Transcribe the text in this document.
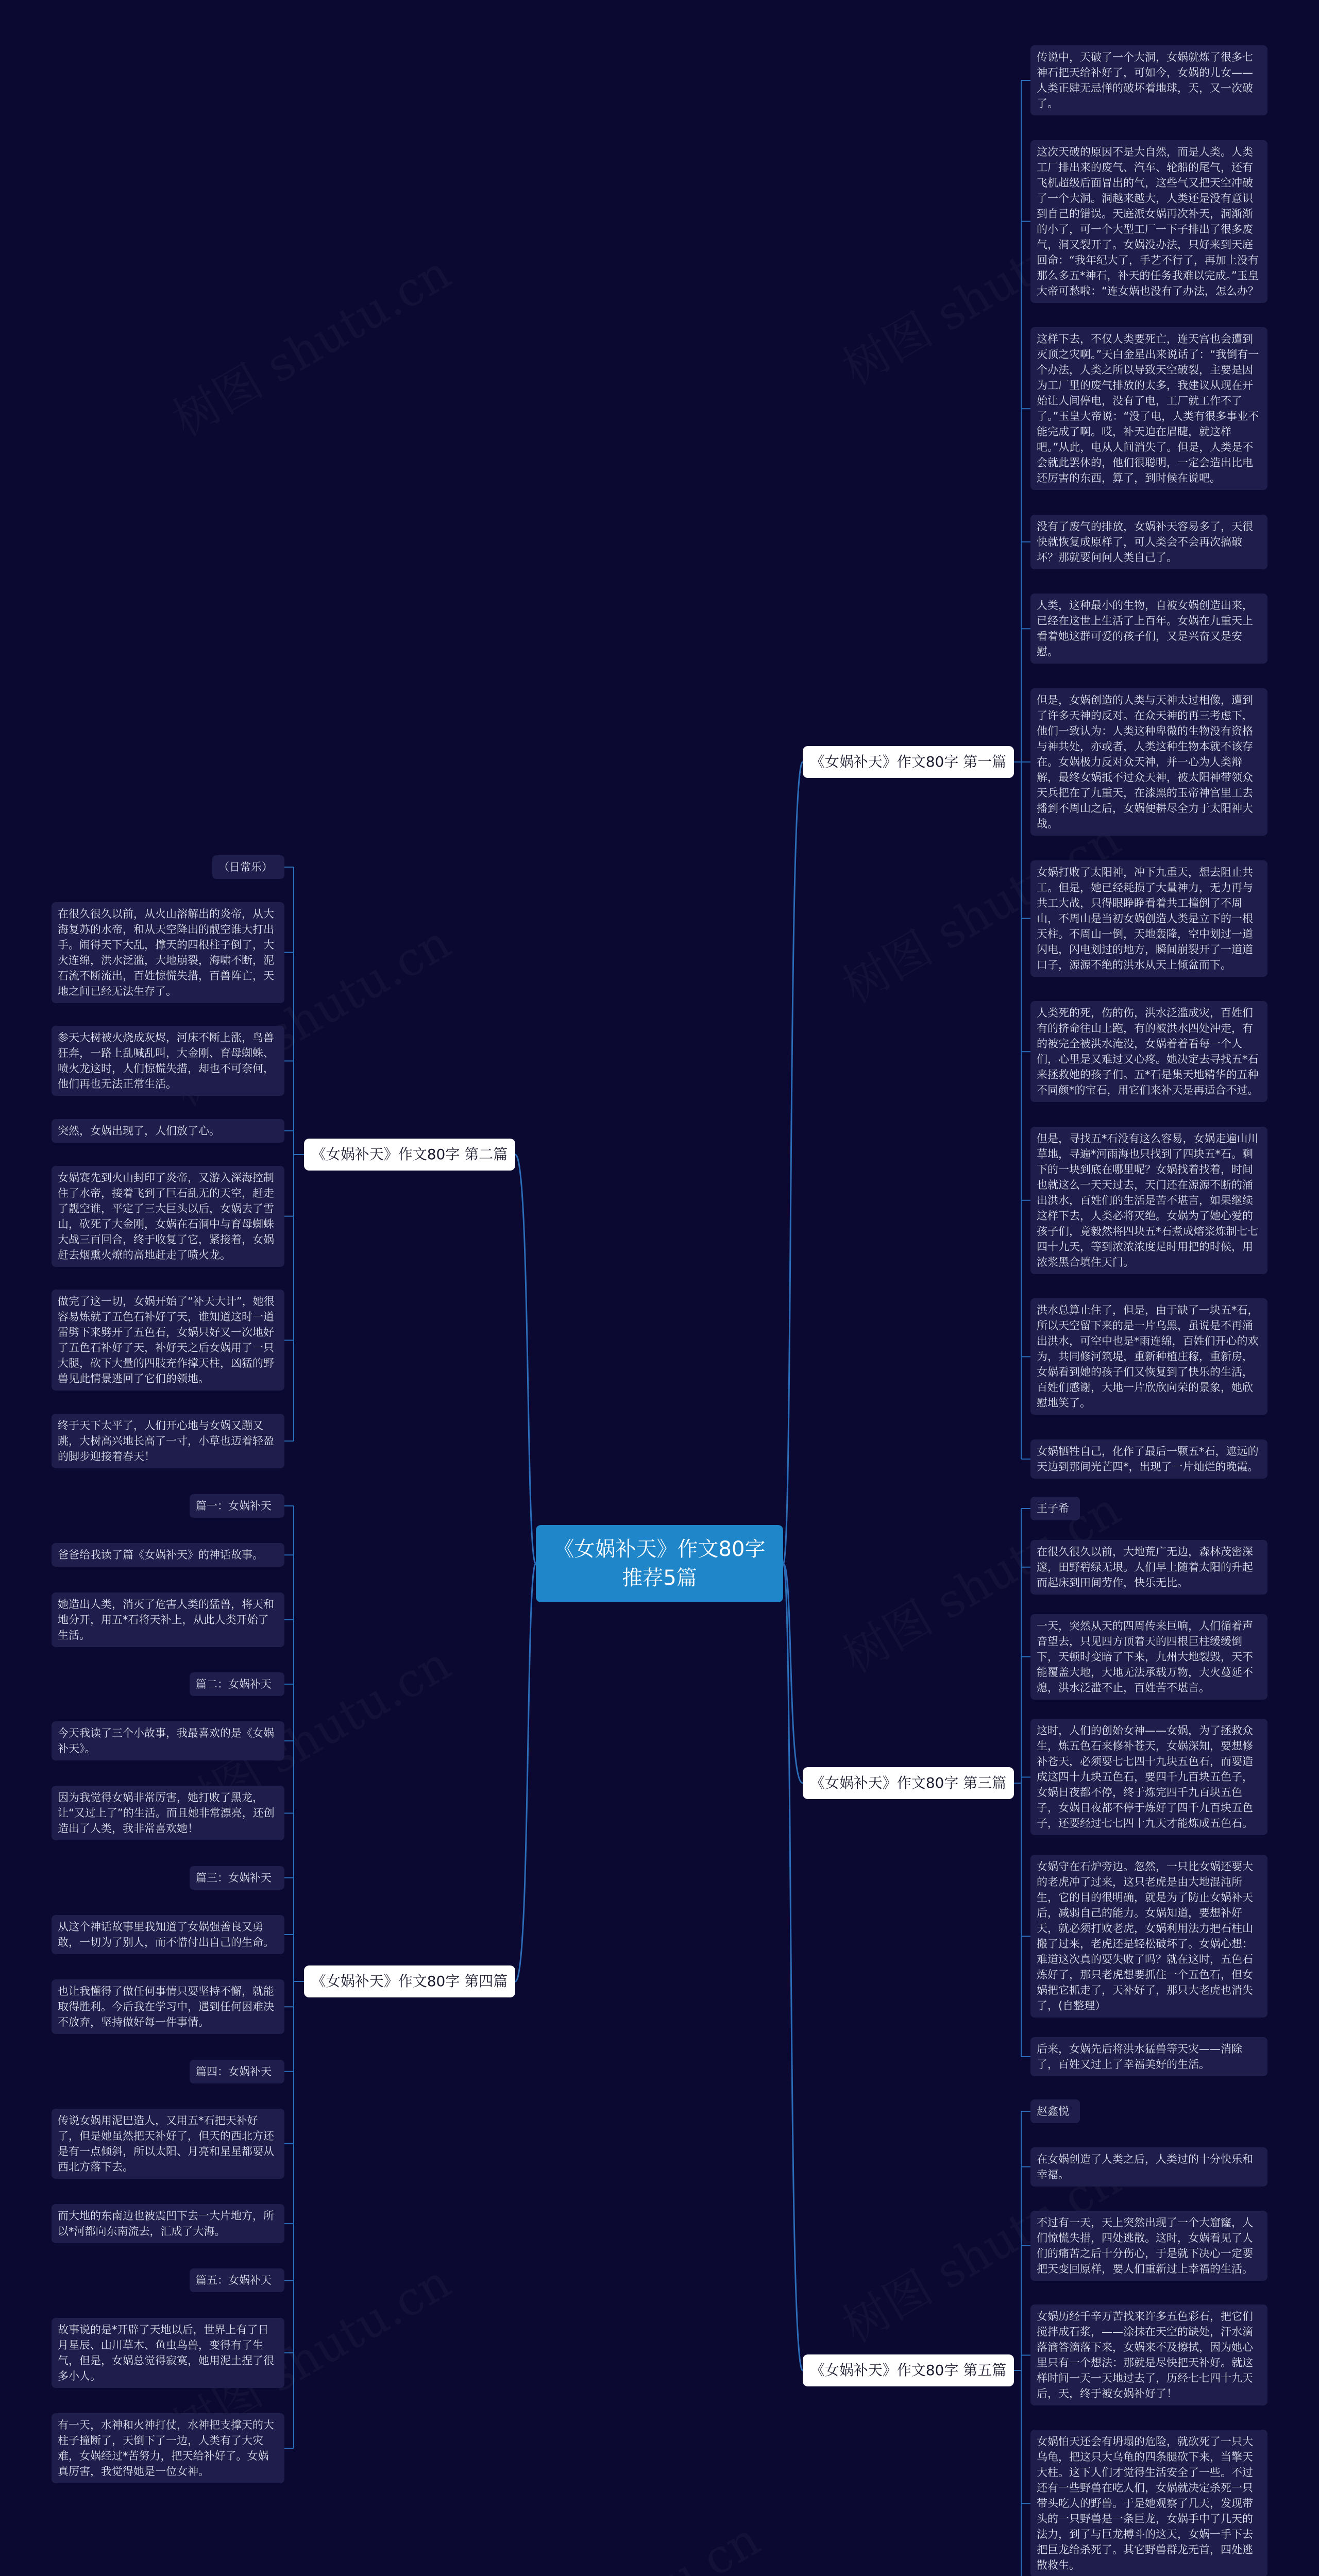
《女娲补天》作文80字推荐5篇
《女娲补天》作文80字 第一篇
传说中，天破了一个大洞，女娲就炼了很多七神石把天给补好了，可如今，女娲的儿女——人类正肆无忌惮的破坏着地球，天，又一次破了。
这次天破的原因不是大自然，而是人类。人类工厂排出来的废气、汽车、轮船的尾气，还有飞机超级后面冒出的气，这些气又把天空冲破了一个大洞。洞越来越大，人类还是没有意识到自己的错误。天庭派女娲再次补天，洞渐渐的小了，可一个大型工厂一下子排出了很多废气，洞又裂开了。女娲没办法，只好来到天庭回命：“我年纪大了，手艺不行了，再加上没有那么多五*神石，补天的任务我难以完成。”玉皇大帝可愁啦：“连女娲也没有了办法，怎么办？
这样下去，不仅人类要死亡，连天宫也会遭到灭顶之灾啊。”天白金星出来说话了：“我倒有一个办法，人类之所以导致天空破裂，主要是因为工厂里的废气排放的太多，我建议从现在开始让人间停电，没有了电，工厂就工作不了了。”玉皇大帝说：“没了电，人类有很多事业不能完成了啊。哎，补天迫在眉睫，就这样吧。”从此，电从人间消失了。但是，人类是不会就此罢休的，他们很聪明，一定会造出比电还厉害的东西，算了，到时候在说吧。
没有了废气的排放，女娲补天容易多了，天很快就恢复成原样了，可人类会不会再次搞破坏？那就要问问人类自己了。
人类，这种最小的生物，自被女娲创造出来，已经在这世上生活了上百年。女娲在九重天上看着她这群可爱的孩子们，又是兴奋又是安慰。
但是，女娲创造的人类与天神太过相像，遭到了许多天神的反对。在众天神的再三考虑下，他们一致认为：人类这种卑微的生物没有资格与神共处，亦或者，人类这种生物本就不该存在。女娲极力反对众天神，并一心为人类辩解，最终女娲抵不过众天神，被太阳神带领众天兵把在了九重天，在漆黑的玉帝神宫里工去播到不周山之后，女娲便耕尽全力于太阳神大战。
女娲打败了太阳神，冲下九重天，想去阻止共工。但是，她已经耗损了大量神力，无力再与共工大战，只得眼睁睁看着共工撞倒了不周山，不周山是当初女娲创造人类是立下的一根天柱。不周山一倒，天地轰隆，空中划过一道闪电，闪电划过的地方，瞬间崩裂开了一道道口子，源源不绝的洪水从天上倾盆而下。
人类死的死，伤的伤，洪水泛滥成灾，百姓们有的挤命往山上跑，有的被洪水四处冲走，有的被完全被洪水淹没，女娲着着看每一个人们，心里是又难过又心疼。她决定去寻找五*石来拯救她的孩子们。五*石是集天地精华的五种不同颜*的宝石，用它们来补天是再适合不过。
但是，寻找五*石没有这么容易，女娲走遍山川草地，寻遍*河雨海也只找到了四块五*石。剩下的一块到底在哪里呢？女娲找着找着，时间也就这么一天天过去，天门还在源源不断的涌出洪水，百姓们的生活是苦不堪言，如果继续这样下去，人类必将灭绝。女娲为了她心爱的孩子们，竟毅然将四块五*石煮成熔浆炼制七七四十九天，等到浓浓浓度足时用把的时候，用浓浆黑合填住天门。
洪水总算止住了，但是，由于缺了一块五*石，所以天空留下来的是一片乌黑，虽说是不再涌出洪水，可空中也是*雨连绵，百姓们开心的欢为，共同修河筑堤，重新种植庄稼，重新房，女娲看到她的孩子们又恢复到了快乐的生活，百姓们感谢，大地一片欣欣向荣的景象，她欣慰地笑了。
女娲牺牲自己，化作了最后一颗五*石，遮远的天边到那间光芒四*，出现了一片灿烂的晚霞。
《女娲补天》作文80字 第二篇
（日常乐）
在很久很久以前，从火山溶解出的炎帝，从大海复苏的水帝，和从天空降出的靓空谁大打出手。闹得天下大乱，撑天的四根柱子倒了，大火连绵，洪水泛滥，大地崩裂，海啸不断，泥石流不断流出，百姓惊慌失措，百兽阵亡，天地之间已经无法生存了。
参天大树被火烧成灰烬，河床不断上涨，鸟兽狂奔，一路上乱喊乱叫，大金刚、育母蜘蛛、喷火龙这时，人们惊慌失措，却也不可奈何，他们再也无法正常生活。
突然，女娲出现了，人们放了心。
女娲赛先到火山封印了炎帝，又游入深海控制住了水帝，接着飞到了巨石乱无的天空，赶走了靓空谁，平定了三大巨头以后，女娲去了雪山，砍死了大金刚，女娲在石洞中与育母蜘蛛大战三百回合，终于收复了它，紧接着，女娲赶去烟熏火燎的高地赶走了喷火龙。
做完了这一切，女娲开始了“补天大计”，她很容易炼就了五色石补好了天，谁知道这时一道雷劈下来劈开了五色石，女娲只好又一次地好了五色石补好了天，补好天之后女娲用了一只大腿，砍下大量的四肢充作撑天柱，凶猛的野兽见此情景逃回了它们的领地。
终于天下太平了，人们开心地与女娲又蹦又跳，大树高兴地长高了一寸，小草也迈着轻盈的脚步迎接着春天！
《女娲补天》作文80字 第三篇
王子希
在很久很久以前，大地荒广无边，森林茂密深邃，田野碧绿无垠。人们早上随着太阳的升起而起床到田间劳作，快乐无比。
一天，突然从天的四周传来巨响，人们循着声音望去，只见四方顶着天的四根巨柱缓缓倒下，天顿时变暗了下来，九州大地裂毁，天不能覆盖大地，大地无法承载万物，大火蔓延不熄，洪水泛滥不止，百姓苦不堪言。
这时，人们的创始女神——女娲，为了拯救众生，炼五色石来修补苍天，女娲深知，要想修补苍天，必须要七七四十九块五色石，而要造成这四十九块五色石，要四千九百块五色子，女娲日夜都不停，终于炼完四千九百块五色子，女娲日夜都不停于炼好了四千九百块五色子，还要经过七七四十九天才能炼成五色石。
女娲守在石炉旁边。忽然，一只比女娲还要大的老虎冲了过来，这只老虎是由大地混沌所生，它的目的很明确，就是为了防止女娲补天后，减弱自己的能力。女娲知道，要想补好天，就必须打败老虎，女娲利用法力把石柱山搬了过来，老虎还是轻松破坏了。女娲心想：难道这次真的要失败了吗？就在这时，五色石炼好了，那只老虎想要抓住一个五色石，但女娲把它抓走了，天补好了，那只大老虎也消失了，(自整理）
后来，女娲先后将洪水猛兽等天灾——消除了，百姓又过上了幸福美好的生活。
《女娲补天》作文80字 第四篇
篇一：女娲补天
爸爸给我读了篇《女娲补天》的神话故事。
她造出人类，消灭了危害人类的猛兽，将天和地分开，用五*石将天补上，从此人类开始了生活。
篇二：女娲补天
今天我读了三个小故事，我最喜欢的是《女娲补天》。
因为我觉得女娲非常厉害，她打败了黑龙，让“又过上了”的生活。而且她非常漂亮，还创造出了人类，我非常喜欢她！
篇三：女娲补天
从这个神话故事里我知道了女娲强善良又勇敢，一切为了别人，而不惜付出自己的生命。
也让我懂得了做任何事情只要坚持不懈，就能取得胜利。今后我在学习中，遇到任何困难决不放弃，坚持做好每一件事情。
篇四：女娲补天
传说女娲用泥巴造人，又用五*石把天补好了，但是她虽然把天补好了，但天的西北方还是有一点倾斜，所以太阳、月亮和星星都要从西北方落下去。
而大地的东南边也被震凹下去一大片地方，所以*河都向东南流去，汇成了大海。
篇五：女娲补天
故事说的是*开辟了天地以后，世界上有了日月星辰、山川草木、鱼虫鸟兽，变得有了生气，但是，女娲总觉得寂寞，她用泥土捏了很多小人。
有一天，水神和火神打仗，水神把支撑天的大柱子撞断了，天倒下了一边，人类有了大灾难，女娲经过*苦努力，把天给补好了。女娲真厉害，我觉得她是一位女神。
《女娲补天》作文80字 第五篇
赵鑫悦
在女娲创造了人类之后，人类过的十分快乐和幸福。
不过有一天，天上突然出现了一个大窟窿，人们惊慌失措，四处逃散。这时，女娲看见了人们的痛苦之后十分伤心，于是就下决心一定要把天变回原样，要人们重新过上幸福的生活。
女娲历经千辛万苦找来许多五色彩石，把它们搅拌成石浆，——涂抹在天空的缺处，汗水滴落滴答滴落下来，女娲来不及擦拭，因为她心里只有一个想法：那就是尽快把天补好。就这样时间一天一天地过去了，历经七七四十九天后，天，终于被女娲补好了！
女娲怕天还会有坍塌的危险，就砍死了一只大乌龟，把这只大乌龟的四条腿砍下来，当擎天大柱。这下人们才觉得生活安全了一些。不过还有一些野兽在吃人们，女娲就决定杀死一只带头吃人的野兽。于是她观察了几天，发现带头的一只野兽是一条巨龙，女娲手中了几天的法力，到了与巨龙搏斗的这天，女娲一手下去把巨龙给杀死了。其它野兽群龙无首，四处逃散救生。
